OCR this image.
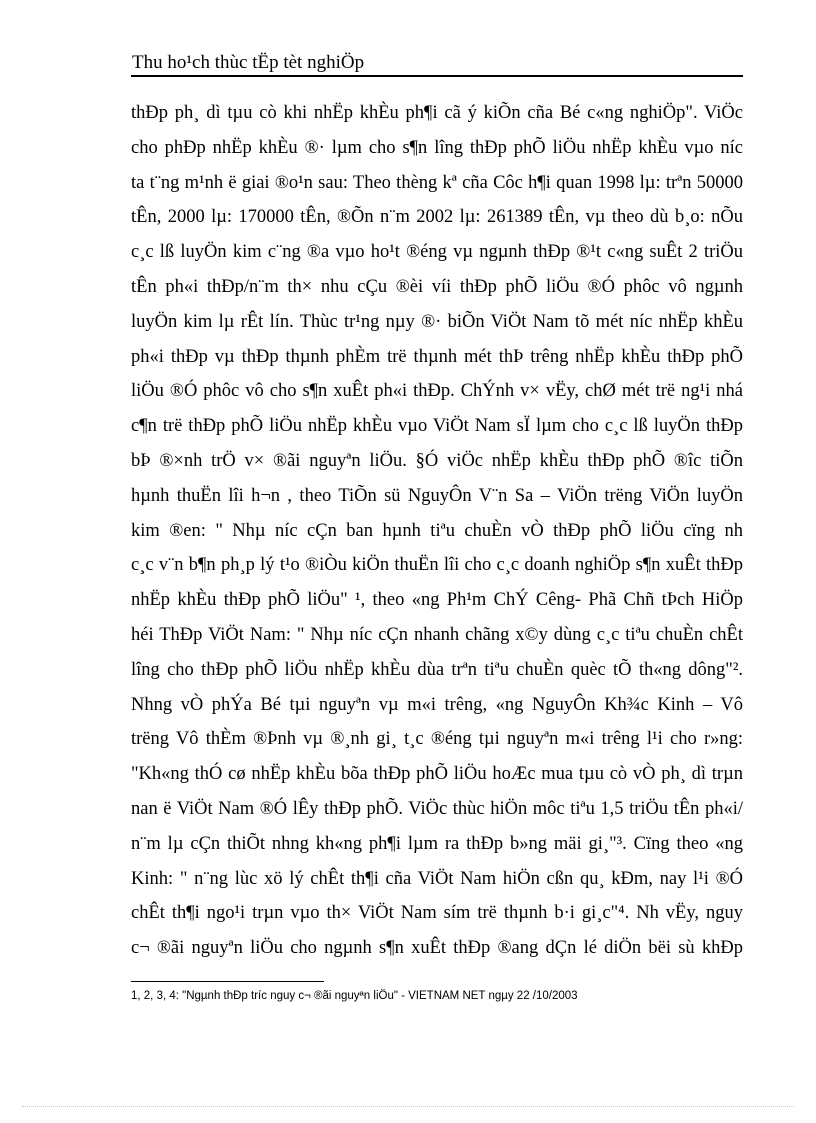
Thu ho¹ch thùc tËp tèt nghiÖp
thÐp ph¸ dì tµu cò khi nhËp khÈu ph¶i cã ý kiÕn cña Bé c«ng nghiÖp". ViÖc
cho phÐp nhËp khÈu ®· lµm cho s¶n lîng thÐp phÕ liÖu nhËp khÈu vµo níc
ta t¨ng m¹nh ë giai ®o¹n sau: Theo thèng kª cña Côc h¶i quan 1998 lµ: trªn 50000
tÊn, 2000 lµ: 170000 tÊn, ®Õn n¨m 2002 lµ: 261389 tÊn, vµ theo dù b¸o: nÕu
c¸c lß luyÖn kim c¨ng ®a vµo ho¹t ®éng vµ ngµnh thÐp ®¹t c«ng suÊt 2 triÖu
tÊn ph«i thÐp/n¨m th× nhu cÇu ®èi víi thÐp phÕ liÖu ®Ó phôc vô ngµnh
luyÖn kim lµ rÊt lín. Thùc tr¹ng nµy ®· biÕn ViÖt Nam tõ mét níc nhËp khÈu
ph«i thÐp vµ thÐp thµnh phÈm trë thµnh mét thÞ trêng nhËp khÈu thÐp phÕ
liÖu ®Ó phôc vô cho s¶n xuÊt ph«i thÐp. ChÝnh v× vËy, chØ mét trë ng¹i nhá
c¶n trë thÐp phÕ liÖu nhËp khÈu vµo ViÖt Nam sÏ lµm cho c¸c lß luyÖn thÐp
bÞ ®×nh trÖ v× ®ãi nguyªn liÖu. §Ó viÖc nhËp khÈu thÐp phÕ ®îc tiÕn
hµnh thuËn lîi h¬n , theo TiÕn sü NguyÔn V¨n Sa – ViÖn trëng ViÖn luyÖn
kim ®en: " Nhµ níc cÇn ban hµnh tiªu chuÈn vÒ thÐp phÕ liÖu cïng nh
c¸c v¨n b¶n ph¸p lý t¹o ®iÒu kiÖn thuËn lîi cho c¸c doanh nghiÖp s¶n xuÊt thÐp
nhËp khÈu thÐp phÕ liÖu" ¹, theo «ng Ph¹m ChÝ Cêng- Phã Chñ tÞch HiÖp
héi ThÐp ViÖt Nam: " Nhµ níc cÇn nhanh chãng x©y dùng c¸c tiªu chuÈn chÊt
lîng cho thÐp phÕ liÖu nhËp khÈu dùa trªn tiªu chuÈn quèc tÕ th«ng dông"².
Nhng vÒ phÝa Bé tµi nguyªn vµ m«i trêng, «ng NguyÔn Kh¾c Kinh – Vô
trëng Vô thÈm ®Þnh vµ ®¸nh gi¸ t¸c ®éng tµi nguyªn m«i trêng l¹i cho r»ng:
"Kh«ng thÓ cø nhËp khÈu bõa thÐp phÕ liÖu hoÆc mua tµu cò vÒ ph¸ dì trµn
nan ë ViÖt Nam ®Ó lÊy thÐp phÕ. ViÖc thùc hiÖn môc tiªu 1,5 triÖu tÊn ph«i/
n¨m lµ cÇn thiÕt nhng kh«ng ph¶i lµm ra thÐp b»ng mäi gi¸"³. Cïng theo «ng
Kinh: " n¨ng lùc xö lý chÊt th¶i cña ViÖt Nam hiÖn cßn qu¸ kÐm, nay l¹i ®Ó
chÊt th¶i ngo¹i trµn vµo th× ViÖt Nam sím trë thµnh b·i gi¸c"⁴. Nh vËy, nguy
c¬ ®ãi nguyªn liÖu cho ngµnh s¶n xuÊt thÐp ®ang dÇn lé diÖn bëi sù khÐp
1, 2, 3, 4: "Ngµnh thÐp tríc nguy c¬ ®ãi nguyªn liÖu" - VIETNAM NET ngµy 22 /10/2003
